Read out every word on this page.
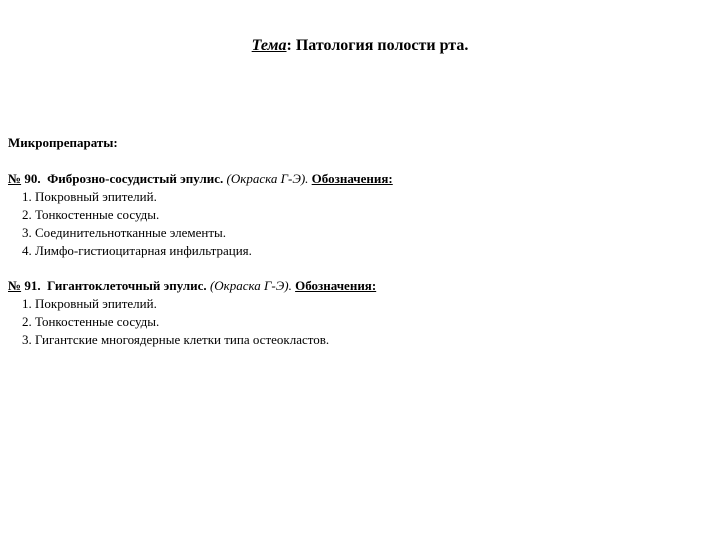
Тема: Патология полости рта.
Микропрепараты:
№ 90. Фиброзно-сосудистый эпулис. (Окраска Г-Э). Обозначения:
1. Покровный эпителий.
2. Тонкостенные сосуды.
3. Соединительнотканные элементы.
4. Лимфо-гистиоцитарная инфильтрация.
№ 91. Гигантоклеточный эпулис. (Окраска Г-Э). Обозначения:
1. Покровный эпителий.
2. Тонкостенные сосуды.
3. Гигантские многоядерные клетки типа остеокластов.
